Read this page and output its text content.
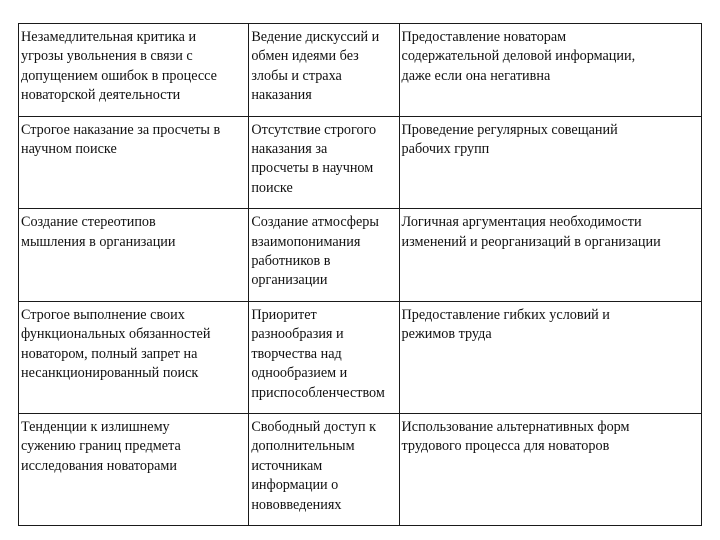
Незамедлительная критика и
угрозы увольнения в связи с
допущением ошибок в процессе
новаторской деятельности	Ведение дискуссий и
обмен идеями без
злобы и страха
наказания	Предоставление новаторам
содержательной деловой информации,
даже если она негативна

Строгое наказание за просчеты в
научном поиске	Отсутствие строгого
наказания за
просчеты в научном
поиске	Проведение регулярных совещаний
рабочих групп

Создание стереотипов
мышления в организации	Создание атмосферы
взаимопонимания
работников в
организации	Логичная аргументация необходимости
изменений и реорганизаций в организации

Строгое выполнение своих
функциональных обязанностей
новатором, полный запрет на
несанкционированный поиск	Приоритет
разнообразия и
творчества над
однообразием и
приспособленчеством	Предоставление гибких условий и
режимов труда

Тенденции к излишнему
сужению границ предмета
исследования новаторами	Свободный доступ к
дополнительным
источникам
информации о
нововведениях	Использование альтернативных форм
трудового процесса для новаторов
